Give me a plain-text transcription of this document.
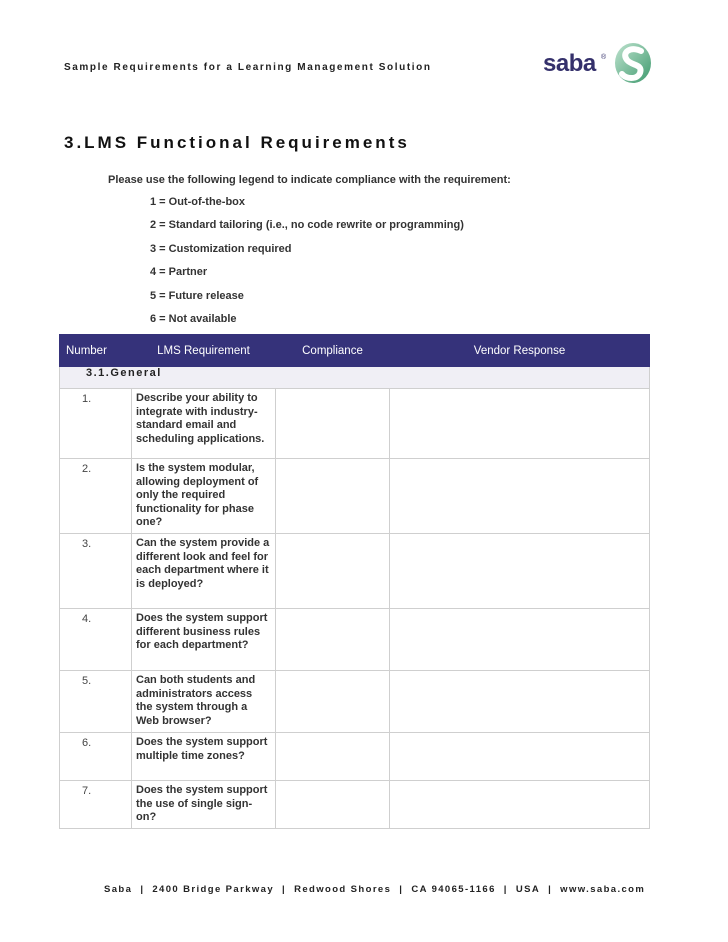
Sample Requirements for a Learning Management Solution	saba ®
3.LMS Functional Requirements
Please use the following legend to indicate compliance with the requirement:
1 = Out-of-the-box
2 = Standard tailoring (i.e., no code rewrite or programming)
3 = Customization required
4 = Partner
5 = Future release
6 = Not available
Number	LMS Requirement	Compliance	Vendor Response
3.1.General			
1.	Describe your ability to integrate with industry-standard email and scheduling applications.		
2.	Is the system modular, allowing deployment of only the required functionality for phase one?		
3.	Can the system provide a different look and feel for each department where it is deployed?		
4.	Does the system support different business rules for each department?		
5.	Can both students and administrators access the system through a Web browser?		
6.	Does the system support multiple time zones?		
7.	Does the system support the use of single sign-on?		
Saba | 2400 Bridge Parkway | Redwood Shores | CA 94065-1166 | USA | www.saba.com
